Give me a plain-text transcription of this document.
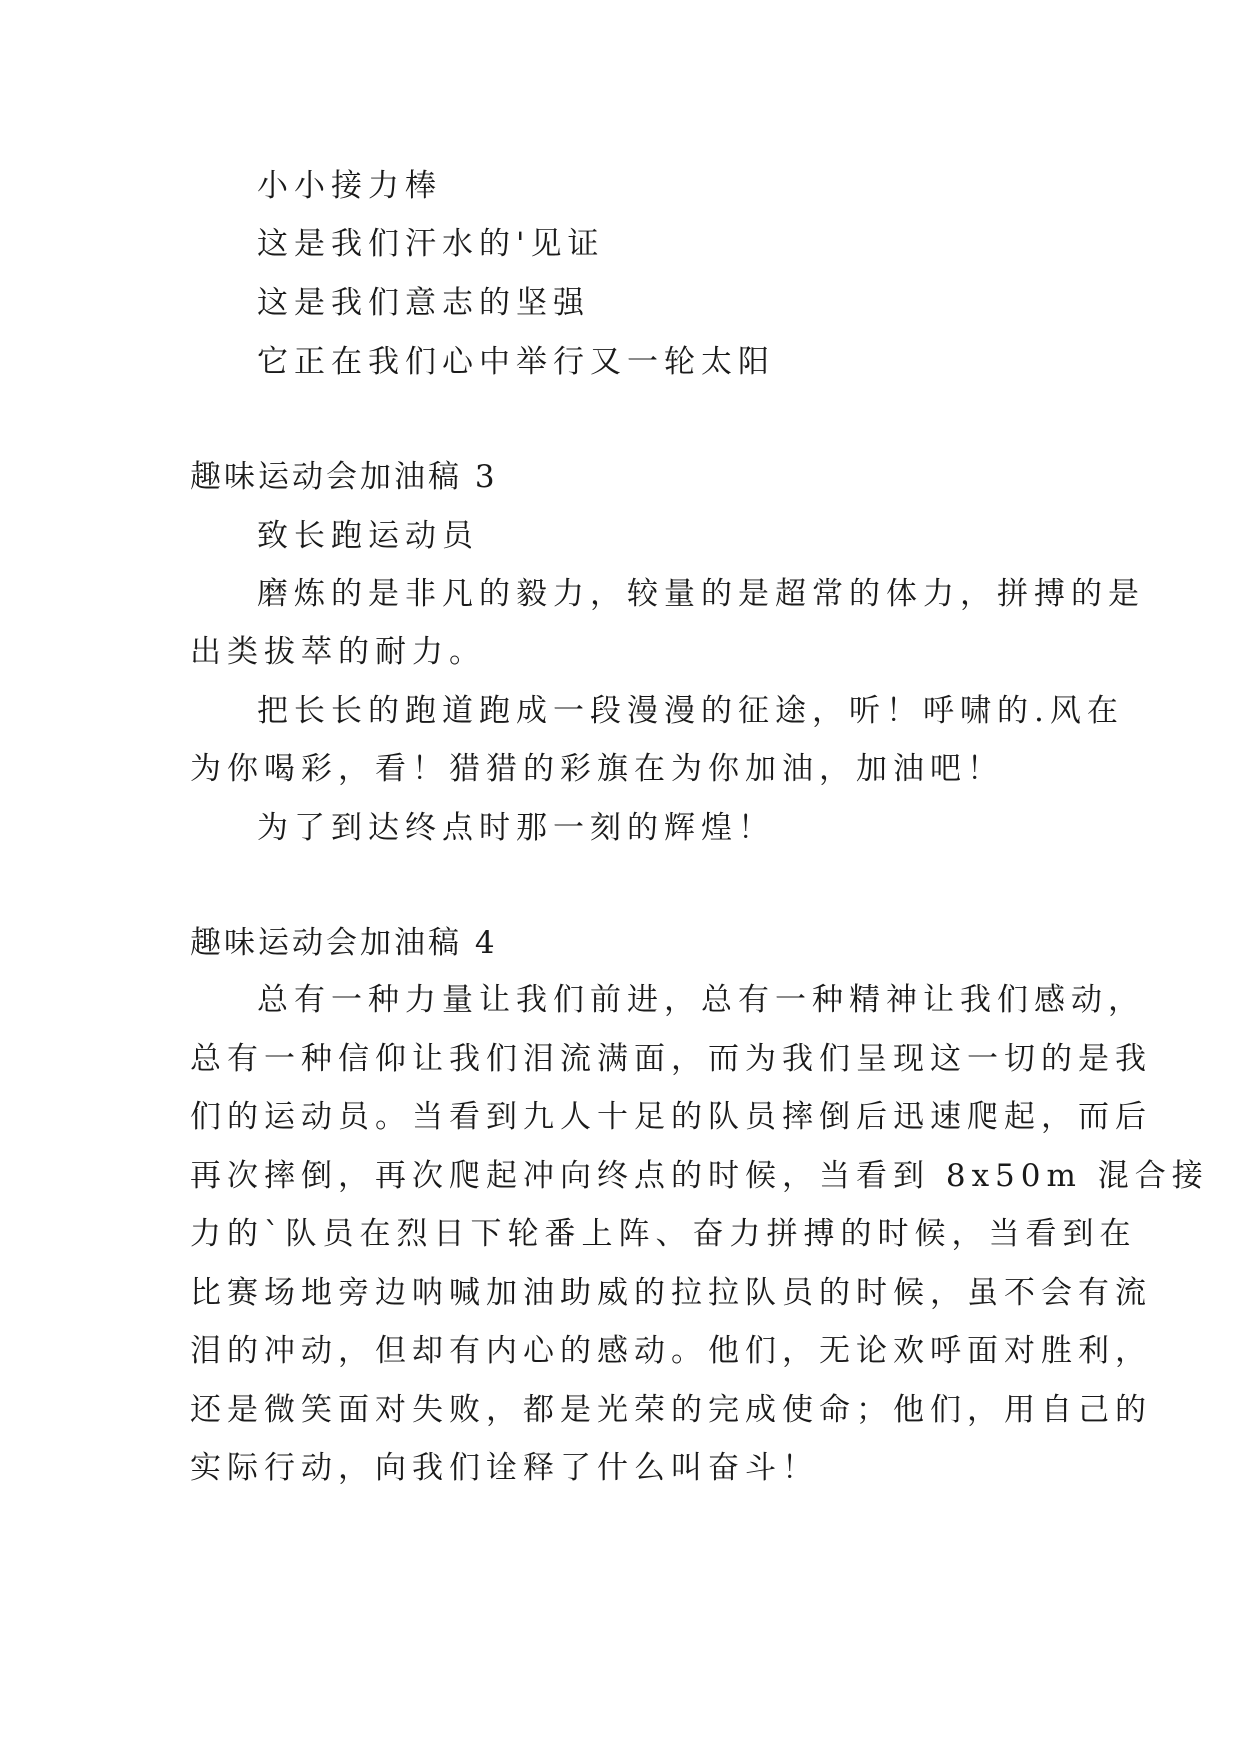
小小接力棒
这是我们汗水的'见证
这是我们意志的坚强
它正在我们心中举行又一轮太阳
趣味运动会加油稿 3
致长跑运动员
磨炼的是非凡的毅力，较量的是超常的体力，拼搏的是
出类拔萃的耐力。
把长长的跑道跑成一段漫漫的征途，听！呼啸的.风在
为你喝彩，看！猎猎的彩旗在为你加油，加油吧！
为了到达终点时那一刻的辉煌！
趣味运动会加油稿 4
总有一种力量让我们前进，总有一种精神让我们感动，
总有一种信仰让我们泪流满面，而为我们呈现这一切的是我
们的运动员。当看到九人十足的队员摔倒后迅速爬起，而后
再次摔倒，再次爬起冲向终点的时候，当看到 8x50m 混合接
力的`队员在烈日下轮番上阵、奋力拼搏的时候，当看到在
比赛场地旁边呐喊加油助威的拉拉队员的时候，虽不会有流
泪的冲动，但却有内心的感动。他们，无论欢呼面对胜利，
还是微笑面对失败，都是光荣的完成使命；他们，用自己的
实际行动，向我们诠释了什么叫奋斗！
